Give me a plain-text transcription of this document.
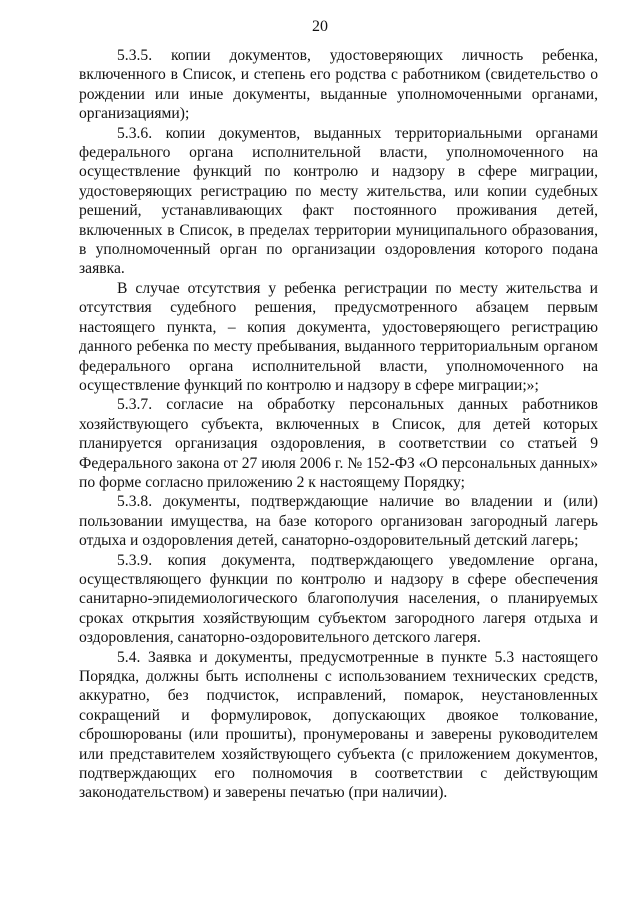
20

5.3.5. копии документов, удостоверяющих личность ребенка, включенного в Список, и степень его родства с работником (свидетельство о рождении или иные документы, выданные уполномоченными органами, организациями);

5.3.6. копии документов, выданных территориальными органами федерального органа исполнительной власти, уполномоченного на осуществление функций по контролю и надзору в сфере миграции, удостоверяющих регистрацию по месту жительства, или копии судебных решений, устанавливающих факт постоянного проживания детей, включенных в Список, в пределах территории муниципального образования, в уполномоченный орган по организации оздоровления которого подана заявка.

В случае отсутствия у ребенка регистрации по месту жительства и отсутствия судебного решения, предусмотренного абзацем первым настоящего пункта, – копия документа, удостоверяющего регистрацию данного ребенка по месту пребывания, выданного территориальным органом федерального органа исполнительной власти, уполномоченного на осуществление функций по контролю и надзору в сфере миграции;»;

5.3.7. согласие на обработку персональных данных работников хозяйствующего субъекта, включенных в Список, для детей которых планируется организация оздоровления, в соответствии со статьей 9 Федерального закона от 27 июля 2006 г. № 152-ФЗ «О персональных данных» по форме согласно приложению 2 к настоящему Порядку;

5.3.8. документы, подтверждающие наличие во владении и (или) пользовании имущества, на базе которого организован загородный лагерь отдыха и оздоровления детей, санаторно-оздоровительный детский лагерь;

5.3.9. копия документа, подтверждающего уведомление органа, осуществляющего функции по контролю и надзору в сфере обеспечения санитарно-эпидемиологического благополучия населения, о планируемых сроках открытия хозяйствующим субъектом загородного лагеря отдыха и оздоровления, санаторно-оздоровительного детского лагеря.

5.4. Заявка и документы, предусмотренные в пункте 5.3 настоящего Порядка, должны быть исполнены с использованием технических средств, аккуратно, без подчисток, исправлений, помарок, неустановленных сокращений и формулировок, допускающих двоякое толкование, сброшюрованы (или прошиты), пронумерованы и заверены руководителем или представителем хозяйствующего субъекта (с приложением документов, подтверждающих его полномочия в соответствии с действующим законодательством) и заверены печатью (при наличии).
